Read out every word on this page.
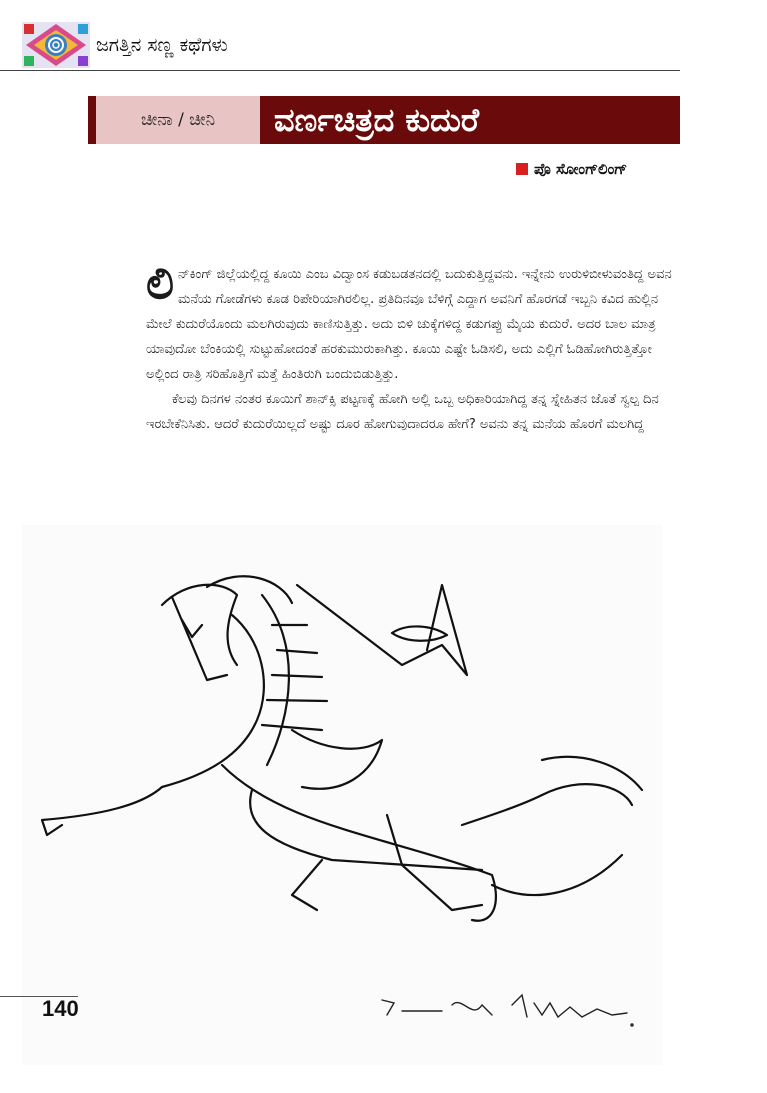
ಜಗತ್ತಿನ ಸಣ್ಣ ಕಥೆಗಳು
ಚೀನಾ / ಚೀನಿ	ವರ್ಣಚಿತ್ರದ ಕುದುರೆ
ಪೊ ಸೋಂಗ್‌ಲಿಂಗ್

ಲಿ ನ್‌ಕಿಂಗ್ ಜಿಲ್ಲೆಯಲ್ಲಿದ್ದ ಕೂಯಿ ಎಂಬ ವಿದ್ವಾಂಸ ಕಡುಬಡತನದಲ್ಲಿ ಬದುಕುತ್ತಿದ್ದವನು. ಇನ್ನೇನು ಉರುಳಿಬೀಳುವಂತಿದ್ದ ಅವನ ಮನೆಯ ಗೋಡೆಗಳು ಕೂಡ ರಿಪೇರಿಯಾಗಿರಲಿಲ್ಲ. ಪ್ರತಿದಿನವೂ ಬೆಳಿಗ್ಗೆ ಎದ್ದಾಗ ಅವನಿಗೆ ಹೊರಗಡೆ ಇಬ್ಬನಿ ಕವಿದ ಹುಲ್ಲಿನ ಮೇಲೆ ಕುದುರೆಯೊಂದು ಮಲಗಿರುವುದು ಕಾಣಿಸುತ್ತಿತ್ತು. ಅದು ಬಿಳಿ ಚುಕ್ಕೆಗಳಿದ್ದ ಕಡುಗಪ್ಪು ಮೈಯ ಕುದುರೆ. ಅದರ ಬಾಲ ಮಾತ್ರ ಯಾವುದೋ ಬೆಂಕಿಯಲ್ಲಿ ಸುಟ್ಟುಹೋದಂತೆ ಹರಕುಮುರುಕಾಗಿತ್ತು. ಕೂಯಿ ಎಷ್ಟೇ ಓಡಿಸಲಿ, ಅದು ಎಲ್ಲಿಗೆ ಓಡಿಹೋಗಿರುತ್ತಿತ್ತೋ ಅಲ್ಲಿಂದ ರಾತ್ರಿ ಸರಿಹೊತ್ತಿಗೆ ಮತ್ತೆ ಹಿಂತಿರುಗಿ ಬಂದುಬಿಡುತ್ತಿತ್ತು.

ಕೆಲವು ದಿನಗಳ ನಂತರ ಕೂಯಿಗೆ ಶಾನ್‌ಕ್ಸಿ ಪಟ್ಟಣಕ್ಕೆ ಹೋಗಿ ಅಲ್ಲಿ ಒಬ್ಬ ಅಧಿಕಾರಿಯಾಗಿದ್ದ ತನ್ನ ಸ್ನೇಹಿತನ ಜೊತೆ ಸ್ವಲ್ಪ ದಿನ ಇರಬೇಕೆನಿಸಿತು. ಆದರೆ ಕುದುರೆಯಿಲ್ಲದೆ ಅಷ್ಟು ದೂರ ಹೋಗುವುದಾದರೂ ಹೇಗೆ? ಅವನು ತನ್ನ ಮನೆಯ ಹೊರಗೆ ಮಲಗಿದ್ದ

140
